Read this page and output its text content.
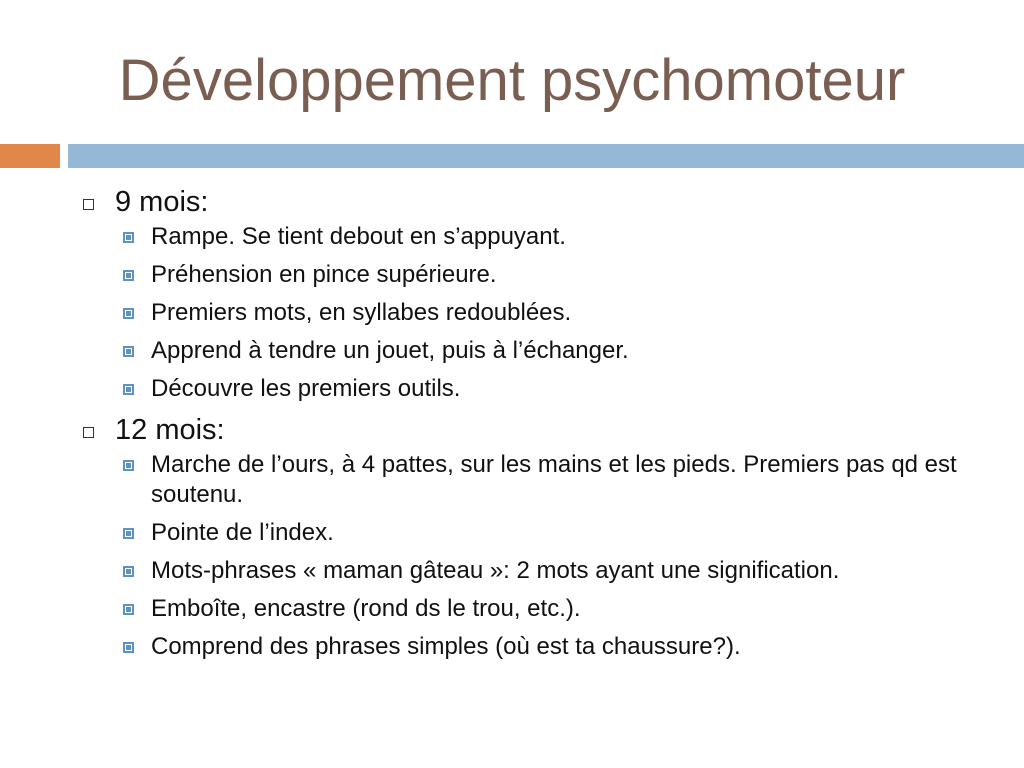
Développement psychomoteur
9 mois:
Rampe. Se tient debout en s’appuyant.
Préhension en pince supérieure.
Premiers mots, en syllabes redoublées.
Apprend à tendre un jouet, puis à l’échanger.
Découvre les premiers outils.
12 mois:
Marche de l’ours, à 4 pattes, sur les mains et les pieds. Premiers pas qd est soutenu.
Pointe de l’index.
Mots-phrases « maman gâteau »: 2 mots ayant une signification.
Emboîte, encastre (rond ds le trou, etc.).
Comprend des phrases simples (où est ta chaussure?).
